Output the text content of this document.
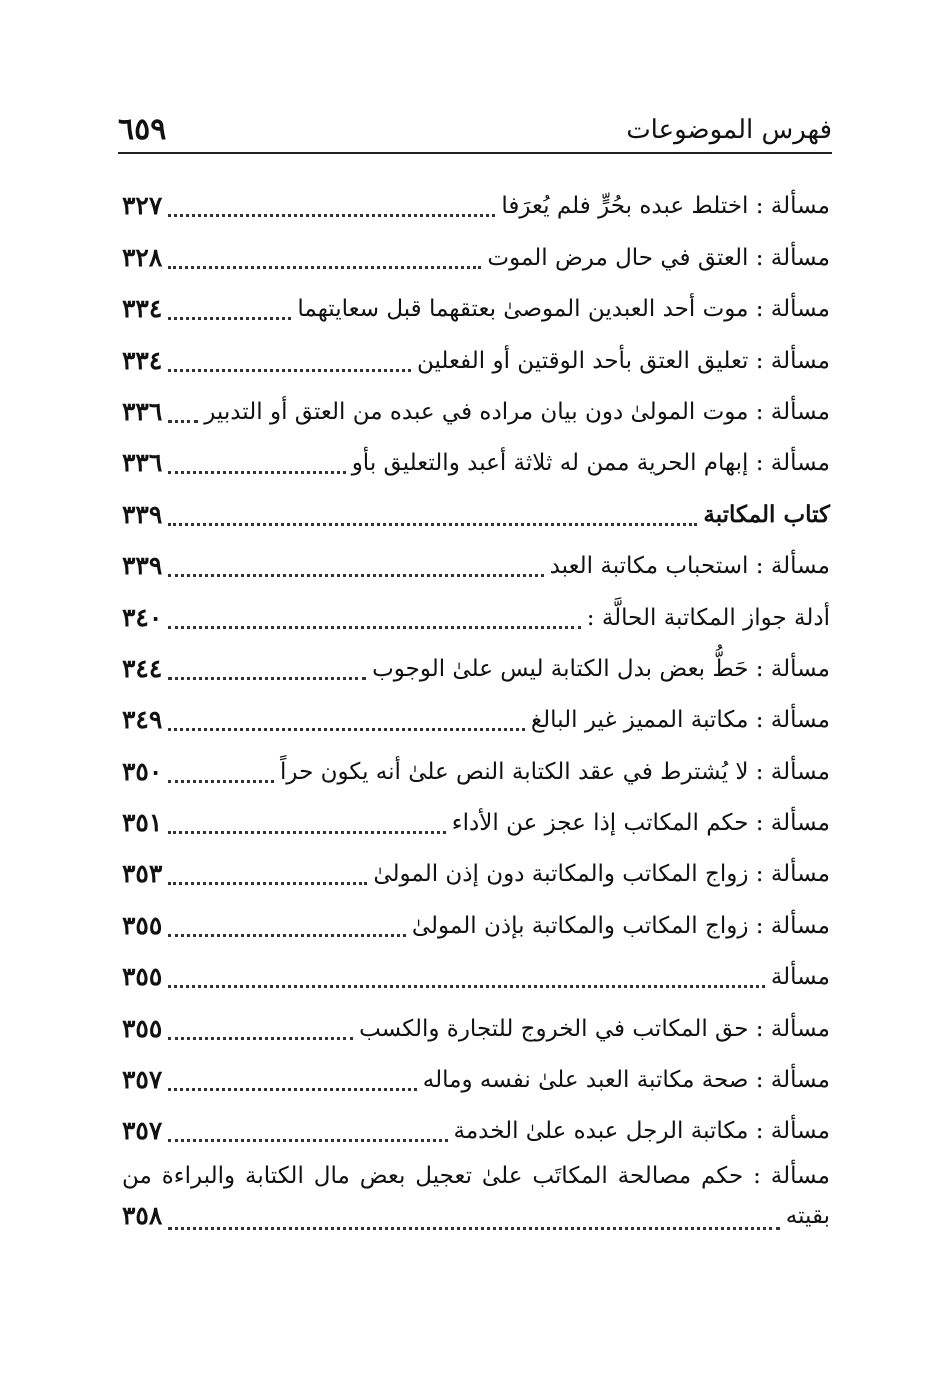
فهرس الموضوعات
٦٥٩
مسألة : اختلط عبده بحُرٍّ فلم يُعرَفا
٣٢٧
مسألة : العتق في حال مرض الموت
٣٢٨
مسألة : موت أحد العبدين الموصىٰ بعتقهما قبل سعايتهما
٣٣٤
مسألة : تعليق العتق بأحد الوقتين أو الفعلين
٣٣٤
مسألة : موت المولىٰ دون بيان مراده في عبده من العتق أو التدبير
٣٣٦
مسألة : إبهام الحرية ممن له ثلاثة أعبد والتعليق بأو
٣٣٦
كتاب المكاتبة
٣٣٩
مسألة : استحباب مكاتبة العبد
٣٣٩
أدلة جواز المكاتبة الحالَّة :
٣٤٠
مسألة : حَطُّ بعض بدل الكتابة ليس علىٰ الوجوب
٣٤٤
مسألة : مكاتبة المميز غير البالغ
٣٤٩
مسألة : لا يُشترط في عقد الكتابة النص علىٰ أنه يكون حراً
٣٥٠
مسألة : حكم المكاتب إذا عجز عن الأداء
٣٥١
مسألة : زواج المكاتب والمكاتبة دون إذن المولىٰ
٣٥٣
مسألة : زواج المكاتب والمكاتبة بإذن المولىٰ
٣٥٥
مسألة
٣٥٥
مسألة : حق المكاتب في الخروج للتجارة والكسب
٣٥٥
مسألة : صحة مكاتبة العبد علىٰ نفسه وماله
٣٥٧
مسألة : مكاتبة الرجل عبده علىٰ الخدمة
٣٥٧
مسألة : حكم مصالحة المكاتَب علىٰ تعجيل بعض مال الكتابة والبراءة من
بقيته
٣٥٨
